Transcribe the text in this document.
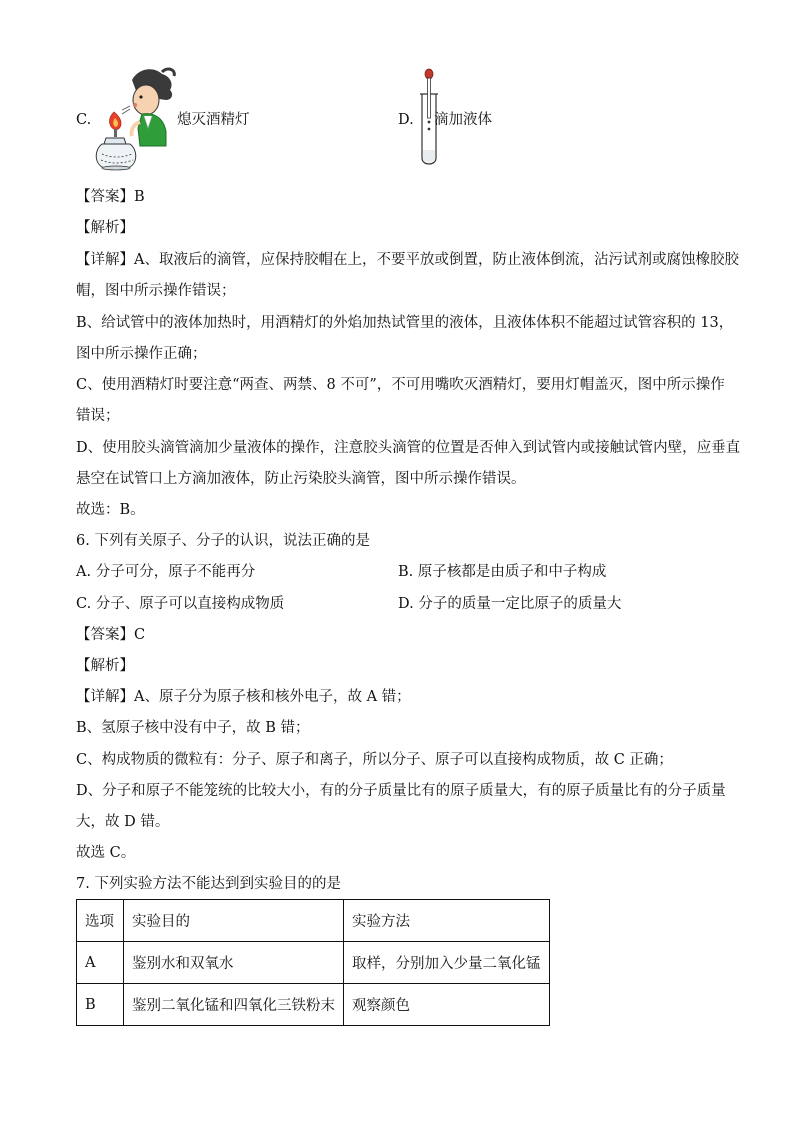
C.	熄灭酒精灯	D. 滴加液体
【答案】B
【解析】
【详解】A、取液后的滴管，应保持胶帽在上，不要平放或倒置，防止液体倒流，沾污试剂或腐蚀橡胶胶
帽，图中所示操作错误；
B、给试管中的液体加热时，用酒精灯的外焰加热试管里的液体，且液体体积不能超过试管容积的 13，
图中所示操作正确；
C、使用酒精灯时要注意“两查、两禁、8 不可”，不可用嘴吹灭酒精灯，要用灯帽盖灭，图中所示操作
错误；
D、使用胶头滴管滴加少量液体的操作，注意胶头滴管的位置是否伸入到试管内或接触试管内壁，应垂直
悬空在试管口上方滴加液体，防止污染胶头滴管，图中所示操作错误。
故选：B。
6. 下列有关原子、分子的认识，说法正确的是
A. 分子可分，原子不能再分	B. 原子核都是由质子和中子构成
C. 分子、原子可以直接构成物质	D. 分子的质量一定比原子的质量大
【答案】C
【解析】
【详解】A、原子分为原子核和核外电子，故 A 错；
B、氢原子核中没有中子，故 B 错；
C、构成物质的微粒有：分子、原子和离子，所以分子、原子可以直接构成物质，故 C 正确；
D、分子和原子不能笼统的比较大小，有的分子质量比有的原子质量大，有的原子质量比有的分子质量
大，故 D 错。
故选 C。
7. 下列实验方法不能达到到实验目的的是
选项	实验目的	实验方法
A	鉴别水和双氧水	取样，分别加入少量二氧化锰
B	鉴别二氧化锰和四氧化三铁粉末	观察颜色
